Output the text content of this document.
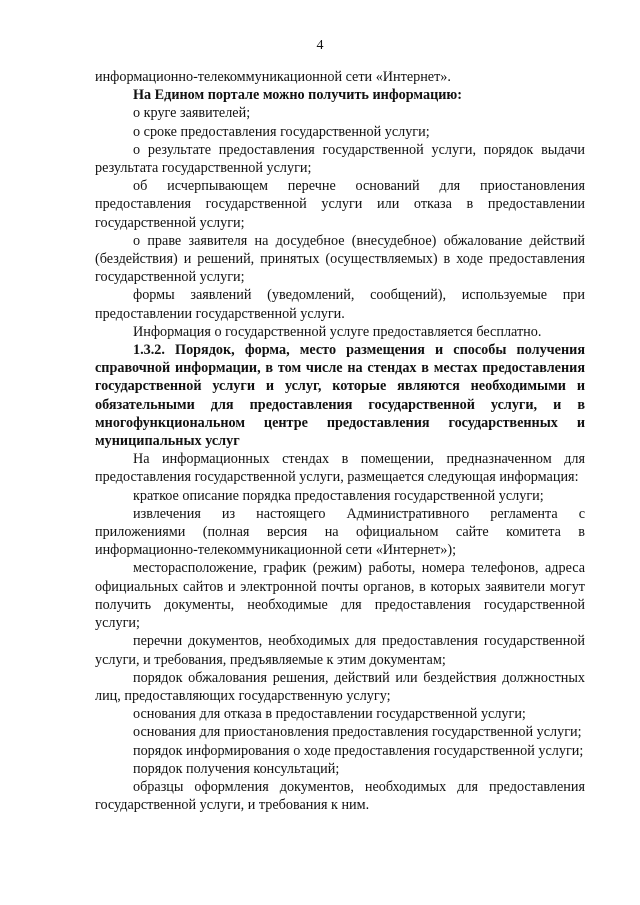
4

информационно-телекоммуникационной сети «Интернет».

На Едином портале можно получить информацию:

о круге заявителей;

о сроке предоставления государственной услуги;

о результате предоставления государственной услуги, порядок выдачи результата государственной услуги;

об исчерпывающем перечне оснований для приостановления предоставления государственной услуги или отказа в предоставлении государственной услуги;

о праве заявителя на досудебное (внесудебное) обжалование действий (бездействия) и решений, принятых (осуществляемых) в ходе предоставления государственной услуги;

формы заявлений (уведомлений, сообщений), используемые при предоставлении государственной услуги.

Информация о государственной услуге предоставляется бесплатно.

1.3.2. Порядок, форма, место размещения и способы получения справочной информации, в том числе на стендах в местах предоставления государственной услуги и услуг, которые являются необходимыми и обязательными для предоставления государственной услуги, и в многофункциональном центре предоставления государственных и муниципальных услуг

На информационных стендах в помещении, предназначенном для предоставления государственной услуги, размещается следующая информация:

краткое описание порядка предоставления государственной услуги;

извлечения из настоящего Административного регламента с приложениями (полная версия на официальном сайте комитета в информационно-телекоммуникационной сети «Интернет»);

месторасположение, график (режим) работы, номера телефонов, адреса официальных сайтов и электронной почты органов, в которых заявители могут получить документы, необходимые для предоставления государственной услуги;

перечни документов, необходимых для предоставления государственной услуги, и требования, предъявляемые к этим документам;

порядок обжалования решения, действий или бездействия должностных лиц, предоставляющих государственную услугу;

основания для отказа в предоставлении государственной услуги;

основания для приостановления предоставления государственной услуги;

порядок информирования о ходе предоставления государственной услуги;

порядок получения консультаций;

образцы оформления документов, необходимых для предоставления государственной услуги, и требования к ним.
